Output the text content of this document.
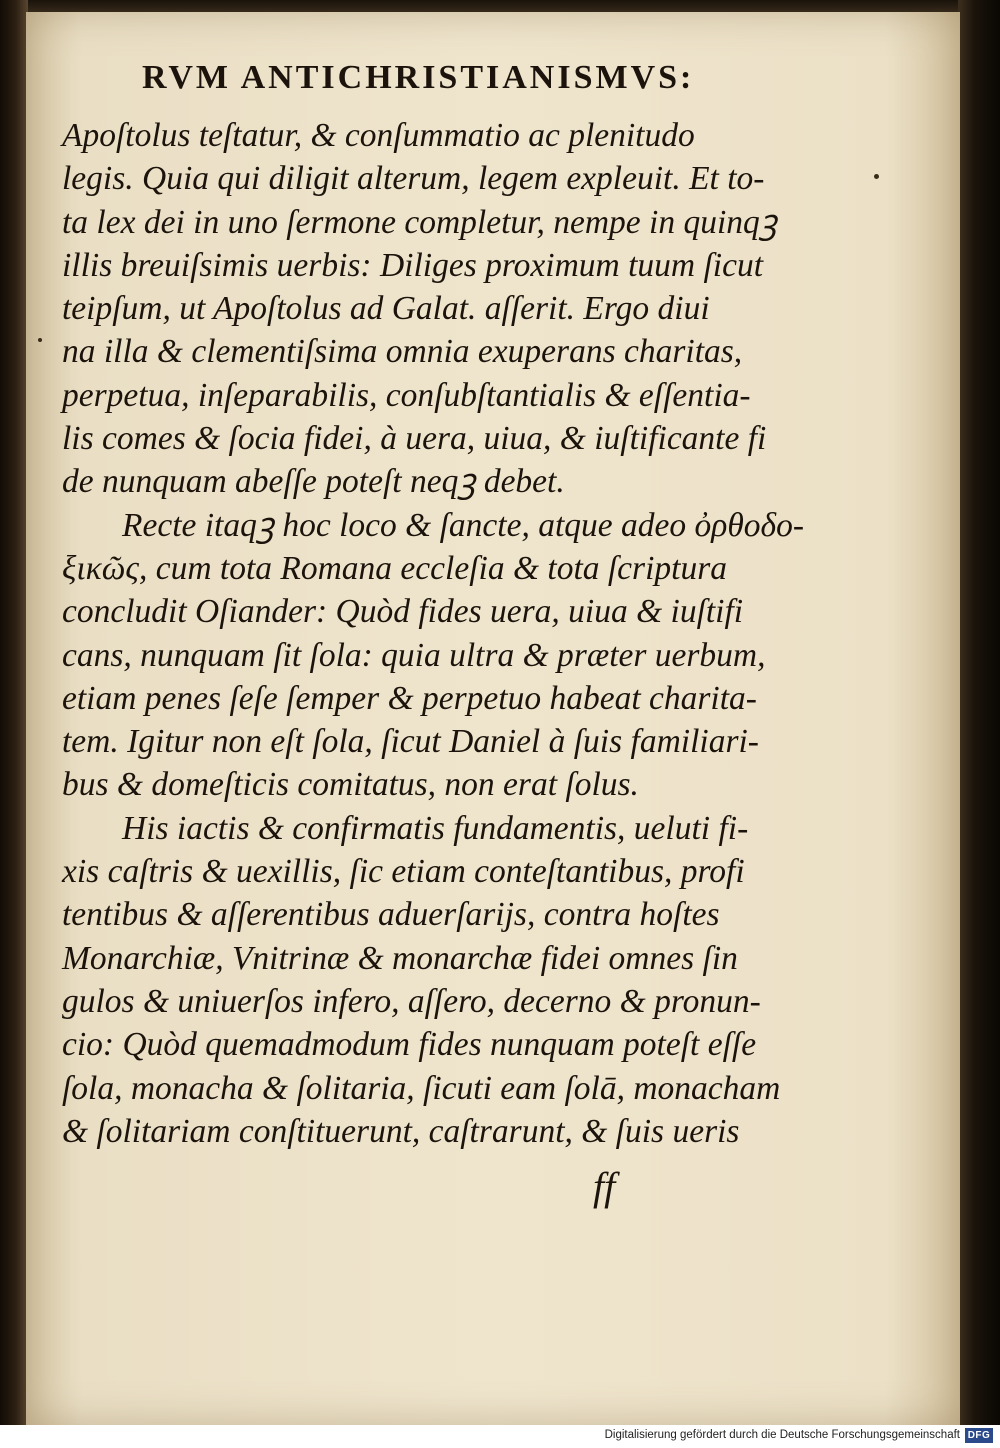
RVM ANTICHRISTIANISMVS:

Apoſtolus teſtatur, & conſummatio ac plenitudo

legis. Quia qui diligit alterum, legem expleuit. Et to-

ta lex dei in uno ſermone completur, nempe in quinqꝫ

illis breuiſsimis uerbis: Diliges proximum tuum ſicut

teipſum, ut Apoſtolus ad Galat. aſſerit. Ergo diui

na illa & clementiſsima omnia exuperans charitas,

perpetua, inſeparabilis, conſubſtantialis & eſſentia-

lis comes & ſocia fidei, à uera, uiua, & iuſtificante fi

de nunquam abeſſe poteſt neqꝫ debet.

Recte itaqꝫ hoc loco & ſancte, atque adeo ὀρθοδο-

ξικῶς, cum tota Romana eccleſia & tota ſcriptura

concludit Oſiander: Quòd fides uera, uiua & iuſtifi

cans, nunquam ſit ſola: quia ultra & præter uerbum,

etiam penes ſeſe ſemper & perpetuo habeat charita-

tem. Igitur non eſt ſola, ſicut Daniel à ſuis familiari-

bus & domeſticis comitatus, non erat ſolus.

His iactis & confirmatis fundamentis, ueluti fi-

xis caſtris & uexillis, ſic etiam conteſtantibus, profi

tentibus & aſſerentibus aduerſarijs, contra hoſtes

Monarchiæ, Vnitrinæ & monarchæ fidei omnes ſin

gulos & uniuerſos infero, aſſero, decerno & pronun-

cio: Quòd quemadmodum fides nunquam poteſt eſſe

ſola, monacha & ſolitaria, ſicuti eam ſolā, monacham

& ſolitariam conſtituerunt, caſtrarunt, & ſuis ueris

ff
Digitalisierung gefördert durch die Deutsche Forschungsgemeinschaft DFG
